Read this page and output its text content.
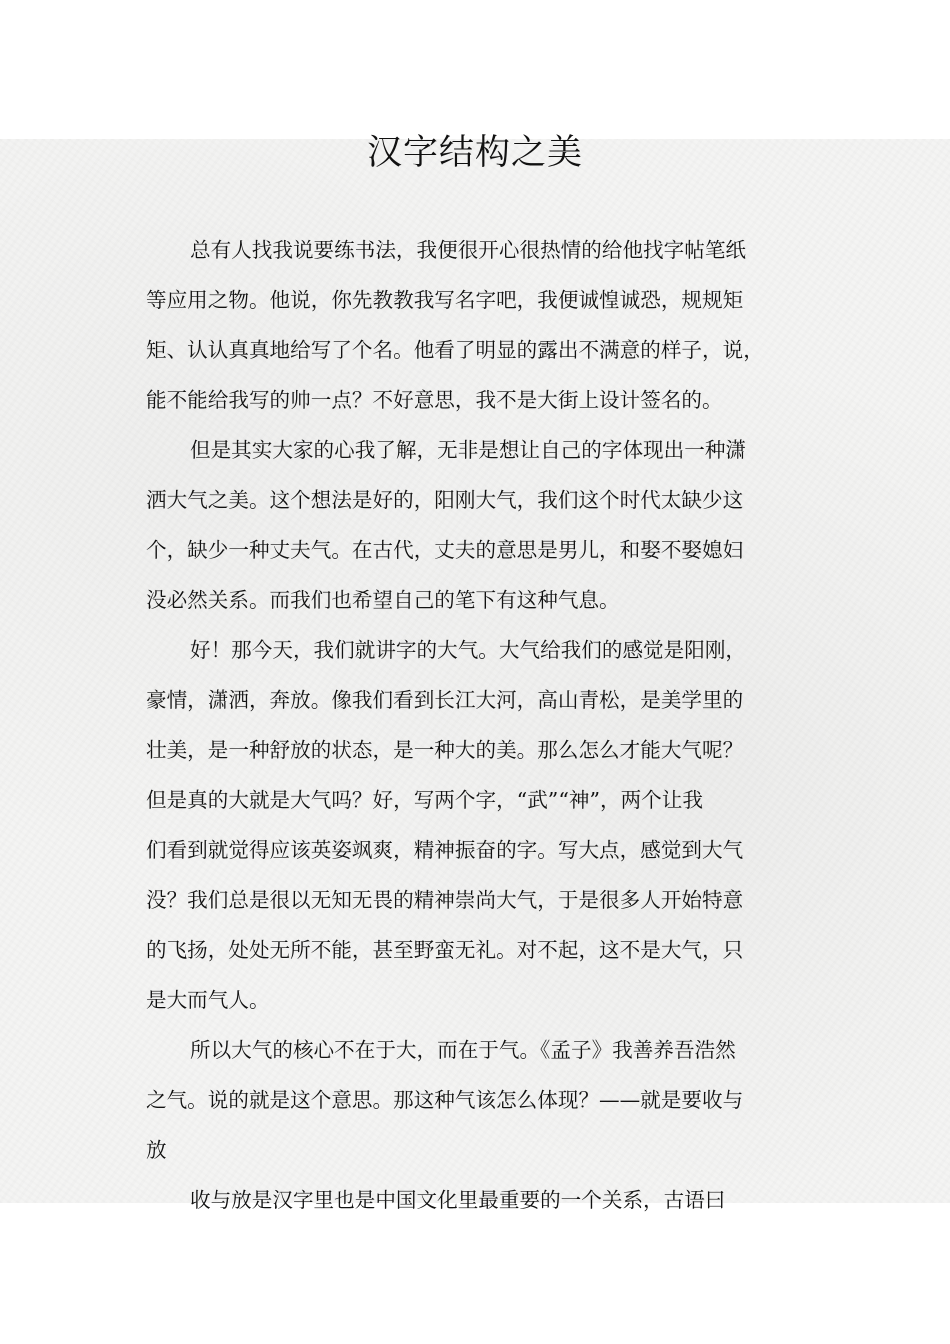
汉字结构之美
总有人找我说要练书法，我便很开心很热情的给他找字帖笔纸
等应用之物。他说，你先教教我写名字吧，我便诚惶诚恐，规规矩
矩、认认真真地给写了个名。他看了明显的露出不满意的样子，说，
能不能给我写的帅一点？不好意思，我不是大街上设计签名的。
但是其实大家的心我了解，无非是想让自己的字体现出一种潇
洒大气之美。这个想法是好的，阳刚大气，我们这个时代太缺少这
个，缺少一种丈夫气。在古代，丈夫的意思是男儿，和娶不娶媳妇
没必然关系。而我们也希望自己的笔下有这种气息。
好！那今天，我们就讲字的大气。大气给我们的感觉是阳刚，
豪情，潇洒，奔放。像我们看到长江大河，高山青松，是美学里的
壮美，是一种舒放的状态，是一种大的美。那么怎么才能大气呢？
但是真的大就是大气吗？好，写两个字，“武”“神”，两个让我
们看到就觉得应该英姿飒爽，精神振奋的字。写大点，感觉到大气
没？我们总是很以无知无畏的精神崇尚大气，于是很多人开始特意
的飞扬，处处无所不能，甚至野蛮无礼。对不起，这不是大气，只
是大而气人。
所以大气的核心不在于大，而在于气。《孟子》我善养吾浩然
之气。说的就是这个意思。那这种气该怎么体现？——就是要收与
放
收与放是汉字里也是中国文化里最重要的一个关系，古语曰
